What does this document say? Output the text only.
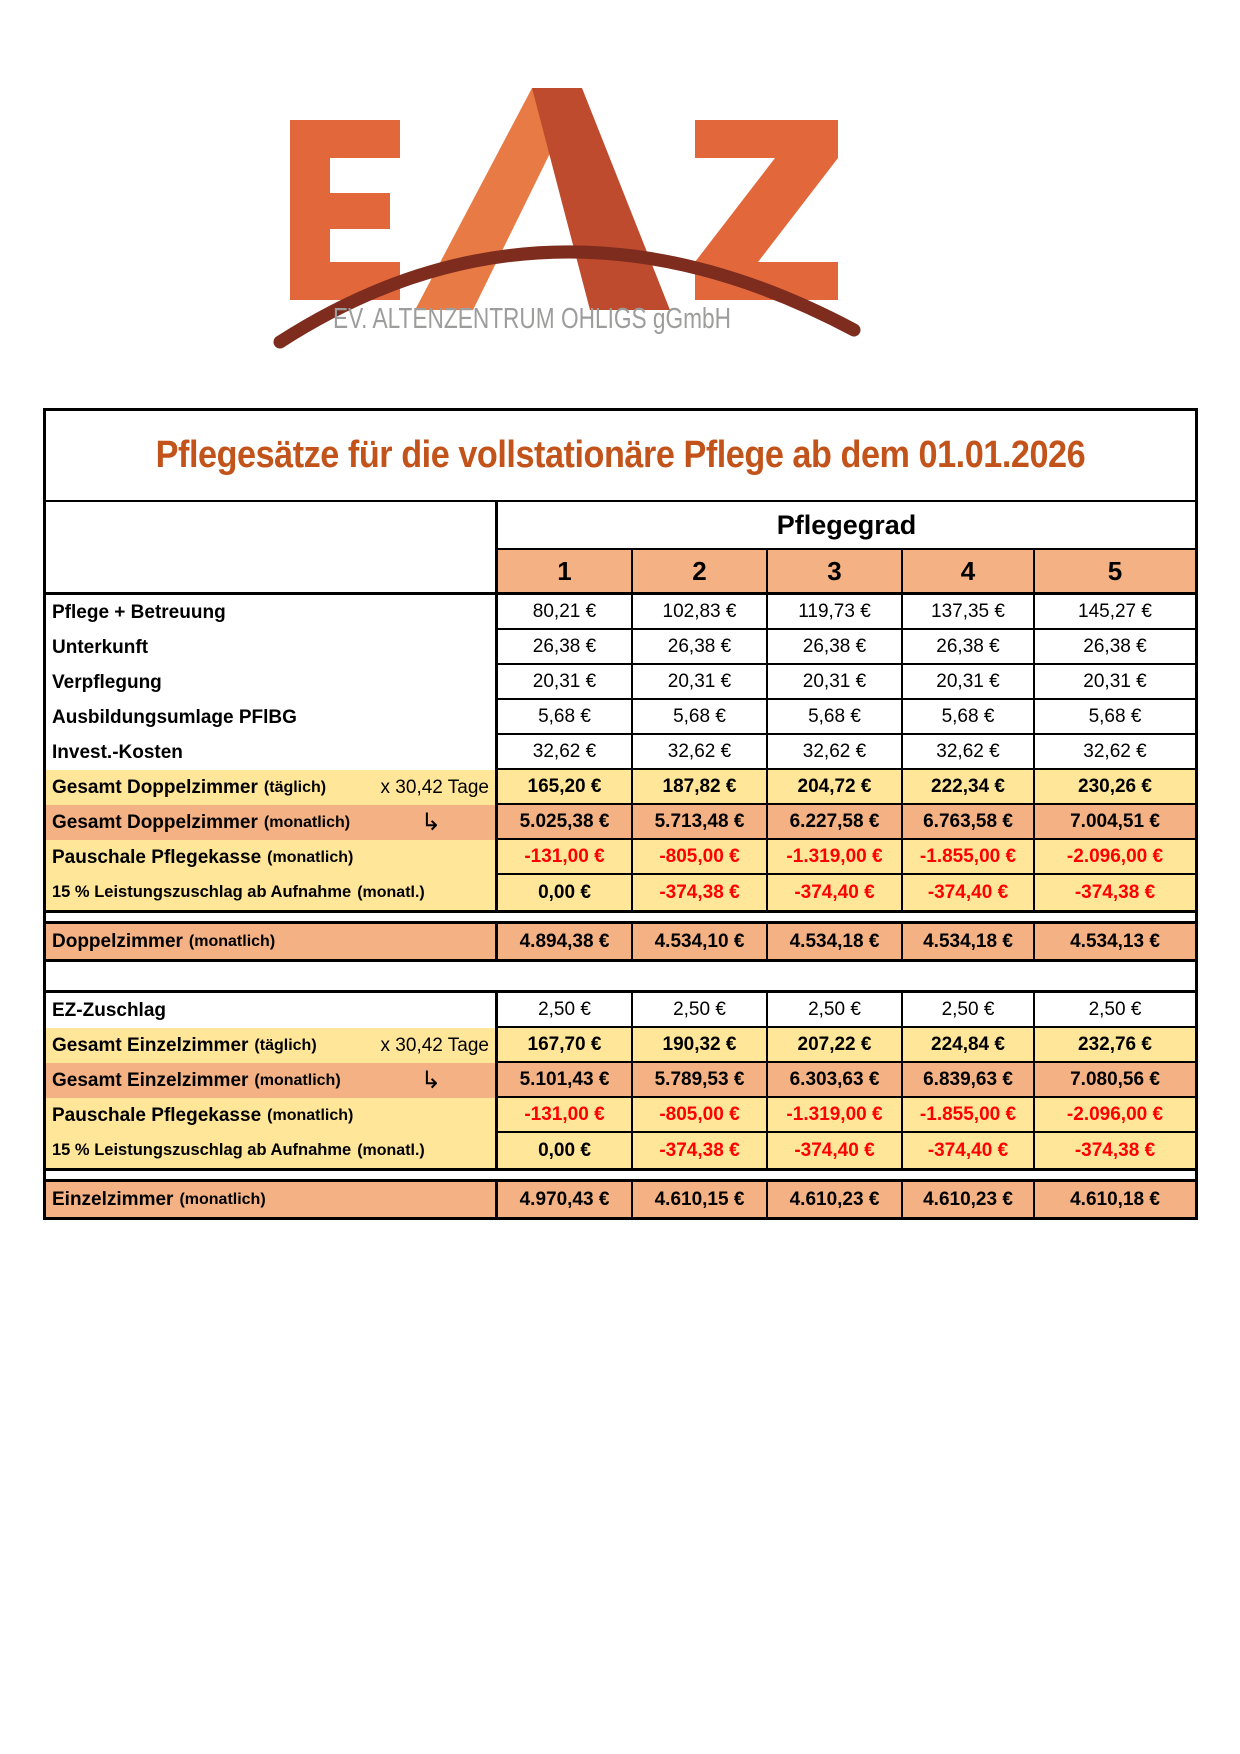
EV. ALTENZENTRUM OHLIGS gGmbH
Pflegesätze für die vollstationäre Pflege ab dem 01.01.2026
Pflegegrad
1	2	3	4	5
Pflege + Betreuung	80,21 €	102,83 €	119,73 €	137,35 €	145,27 €
Unterkunft	26,38 €	26,38 €	26,38 €	26,38 €	26,38 €
Verpflegung	20,31 €	20,31 €	20,31 €	20,31 €	20,31 €
Ausbildungsumlage PFlBG	5,68 €	5,68 €	5,68 €	5,68 €	5,68 €
Invest.-Kosten	32,62 €	32,62 €	32,62 €	32,62 €	32,62 €
Gesamt Doppelzimmer (täglich)	x 30,42 Tage	165,20 €	187,82 €	204,72 €	222,34 €	230,26 €
Gesamt Doppelzimmer (monatlich)	↳	5.025,38 €	5.713,48 €	6.227,58 €	6.763,58 €	7.004,51 €
Pauschale Pflegekasse (monatlich)	-131,00 €	-805,00 €	-1.319,00 €	-1.855,00 €	-2.096,00 €
15 % Leistungszuschlag ab Aufnahme (monatl.)	0,00 €	-374,38 €	-374,40 €	-374,40 €	-374,38 €
Doppelzimmer (monatlich)	4.894,38 €	4.534,10 €	4.534,18 €	4.534,18 €	4.534,13 €
EZ-Zuschlag	2,50 €	2,50 €	2,50 €	2,50 €	2,50 €
Gesamt Einzelzimmer (täglich)	x 30,42 Tage	167,70 €	190,32 €	207,22 €	224,84 €	232,76 €
Gesamt Einzelzimmer (monatlich)	↳	5.101,43 €	5.789,53 €	6.303,63 €	6.839,63 €	7.080,56 €
Pauschale Pflegekasse (monatlich)	-131,00 €	-805,00 €	-1.319,00 €	-1.855,00 €	-2.096,00 €
15 % Leistungszuschlag ab Aufnahme (monatl.)	0,00 €	-374,38 €	-374,40 €	-374,40 €	-374,38 €
Einzelzimmer (monatlich)	4.970,43 €	4.610,15 €	4.610,23 €	4.610,23 €	4.610,18 €
